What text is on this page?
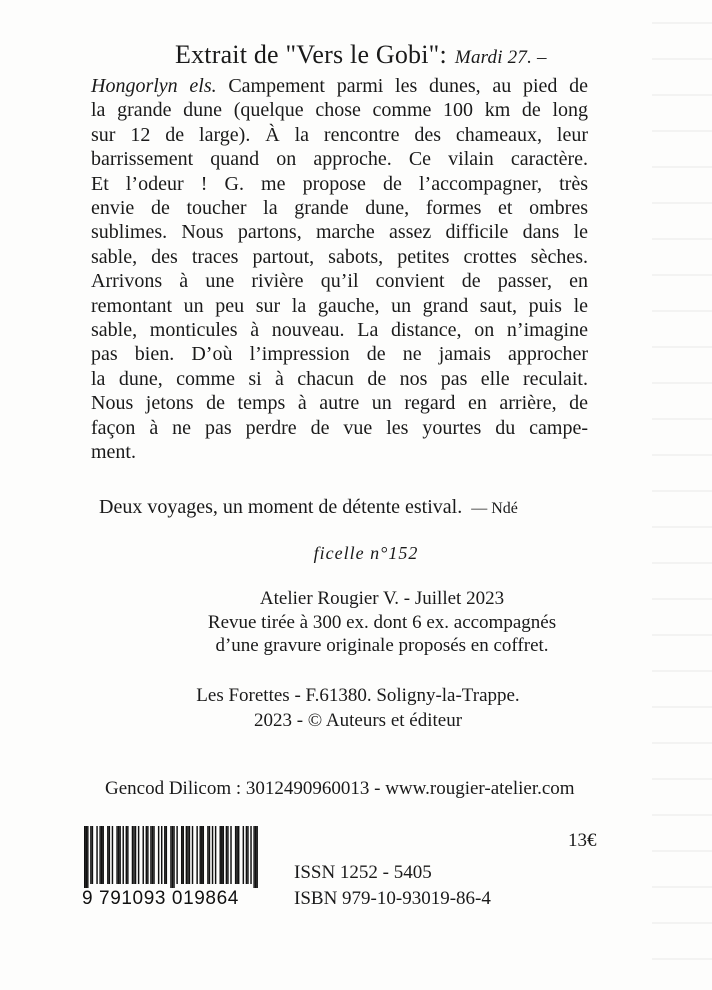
Extrait de "Vers le Gobi": Mardi 27. –
Hongorlyn els. Campement parmi les dunes, au pied de
la grande dune (quelque chose comme 100 km de long
sur 12 de large). À la rencontre des chameaux, leur
barrissement quand on approche. Ce vilain caractère.
Et l’odeur ! G. me propose de l’accompagner, très
envie de toucher la grande dune, formes et ombres
sublimes. Nous partons, marche assez difficile dans le
sable, des traces partout, sabots, petites crottes sèches.
Arrivons à une rivière qu’il convient de passer, en
remontant un peu sur la gauche, un grand saut, puis le
sable, monticules à nouveau. La distance, on n’imagine
pas bien. D’où l’impression de ne jamais approcher
la dune, comme si à chacun de nos pas elle reculait.
Nous jetons de temps à autre un regard en arrière, de
façon à ne pas perdre de vue les yourtes du campe-
ment.
Deux voyages, un moment de détente estival. — Ndé
ficelle n°152
Atelier Rougier V. - Juillet 2023
Revue tirée à 300 ex. dont 6 ex. accompagnés
d’une gravure originale proposés en coffret.
Les Forettes - F.61380. Soligny-la-Trappe.
2023 - © Auteurs et éditeur
Gencod Dilicom : 3012490960013 - www.rougier-atelier.com
9 791093 019864
ISSN 1252 - 5405
ISBN 979-10-93019-86-4
13€
